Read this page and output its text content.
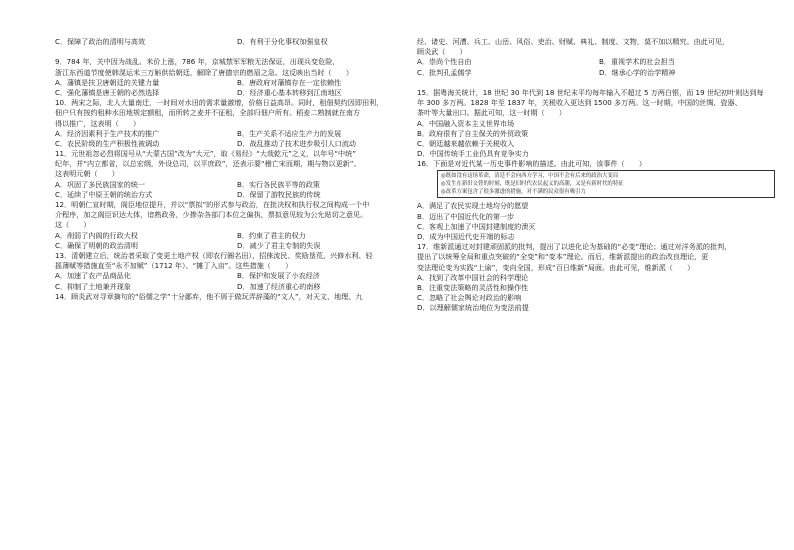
C．保障了政治的清明与高效	D．有利于分化事权加强皇权
9．784 年，关中因为战乱、米价上涨，786 年，京城禁军军粮无法保证，出现兵变危险，
浙江东西道节度使韩滉运米三万斛供给朝廷，解除了唐德宗的燃眉之急。这反映出当时（　　）
A．藩镇是扶卫唐朝廷的关键力量	B．唐政府对藩镇存在一定依赖性
C．强化藩镇是唐王朝的必然选择	D．经济重心基本转移到江南地区
10．两宋之际，北人大量南迁，一时间对水田的需求量激增，价格日益高昂。同时，租佃契约因即田利，
佃户只有按约租种水田地规定额租，而所转之麦并不征租，全部归佃户所有。稻麦二熟制就在南方
得以推广，这表明（　　）
A．经济因素利于生产技术的推广	B．生产关系不适应生产力的发展
C．农民阶级的生产积极性被调动	D．战乱推动了技术进步吸引人口流动
11．元世祖忽必烈将国号从“大蒙古国”改为“大元”，取《易经》“大哉乾元”之义，以年号“中统”
纪年，并“内立都省，以总宏纲，外设总司，以平庶政”，还表示要“稽亡宋而期，期与物以更新”。
这表明元朝（　　）
A．巩固了多民族国家的统一	B．实行各民族平等的政策
C．延续了中原王朝的统治方式	D．保留了游牧民族的传统
12．明朝仁宣时期，阁臣地位提升，并以“票拟”的形式参与政治，在批决权和执行权之间构成一个中
介程序，加之阁臣识达大体，谙熟政务，少掺杂各部门本位之偏执，票拟意见较为公允贴切之意见。
这（　　）
A．削弱了内阁的行政大权	B．约束了君主的权力
C．确保了明朝的政治清明	D．减少了君主专制的失误
13．清朝建立后，统治者采取了变更土地产权（即农行圈名田）、招徕流民、奖励垦荒、兴修水利、轻
摇薄赋等措施直至“永不加赋”（1712 年）、“摊丁入亩”。这些措施（　　）
A．加速了农产品商品化	B．保护和发展了小农经济
C．抑制了土地兼并现象	D．加速了经济重心的南移
14．顾炎武对寻章摘句的“俗儒之学”十分鄙弃，他不屑于做玩弄辞藻的“文人”，对天文、地理、九
经、诸史、河漕、兵工、山岳、风俗、吏治、财赋、典礼、制度、文物，莫不加以精究。由此可见，
顾炎武（　　）
A．崇尚个性自由	B．重视学术的社会担当
C．批判孔孟儒学	D．继承心学的治学精神
15．据粤海关统计，18 世纪 30 年代到 18 世纪末平均每年输入不超过 5 万两白银，而 19 世纪初叶则达到每
年 300 多万两。1828 年至 1837 年，关税收入更达到 1500 多万两。这一时期，中国的丝绸、瓷器、
茶叶等大量出口。据此可知，这一时期（　　）
A．中国融入资本主义世界市场
B．政府很有了自主保关的外贸政策
C．朝廷越来越依赖于关税收入
D．中国传统手工业仍具有竞争实力
16．下面是对近代某一历史事件影响的描述。由此可知，该事件（　　）
◎既如没有这场革命，清廷不会向西方学习，中国不会有后来的政治大变局
◎发生在新旧交替的时刻，既是旧时代农民起义的高潮，又是有新时代的特征
◎改革方案包含了很多激进的措施，对不满的民众很有吸引力
A．满足了农民实现土地均分的愿望
B．迈出了中国近代化的第一步
C．客观上加速了中国封建制度的溃灭
D．成为中国近代史开端的标志
17．维新派通过对封建顽固派的批判，提出了以进化论为基础的“必变”理论；通过对洋务派的批判，
提出了以统筹全局和重点突破的“全变”和“变本”理论。而后，维新派提出的政治改良理论，更
变法理论变为实践“上谕”，变向全国，形成“百日维新”局面。由此可见，维新派（　　）
A．找到了改革中国社会的科学理论
B．注重变法策略的灵活性和操作性
C．忽略了社会舆论对政治的影响
D．以理解儒家统治地位为变法前提
